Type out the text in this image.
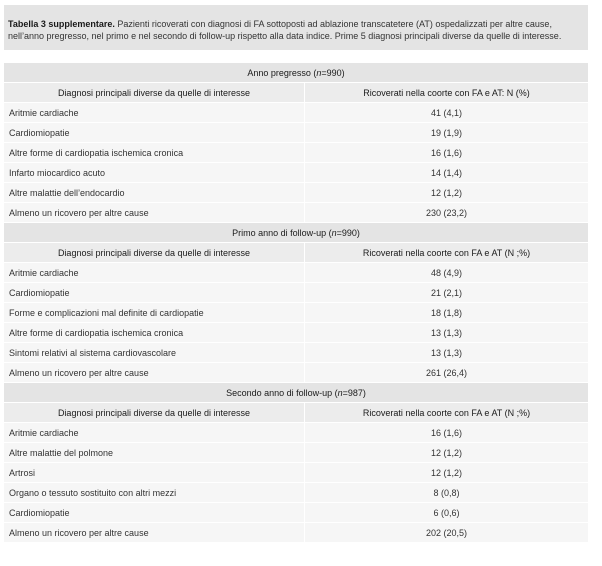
Tabella 3 supplementare. Pazienti ricoverati con diagnosi di FA sottoposti ad ablazione transcatetere (AT) ospedalizzati per altre cause, nell’anno pregresso, nel primo e nel secondo di follow-up rispetto alla data indice. Prime 5 diagnosi principali diverse da quelle di interesse.
Anno pregresso (n=990)
Diagnosi principali diverse da quelle di interesse	Ricoverati nella coorte con FA e AT: N (%)
Aritmie cardiache	41 (4,1)
Cardiomiopatie	19 (1,9)
Altre forme di cardiopatia ischemica cronica	16 (1,6)
Infarto miocardico acuto	14 (1,4)
Altre malattie dell’endocardio	12 (1,2)
Almeno un ricovero per altre cause	230 (23,2)
Primo anno di follow-up (n=990)
Diagnosi principali diverse da quelle di interesse	Ricoverati nella coorte con FA e AT (N ;%)
Aritmie cardiache	48 (4,9)
Cardiomiopatie	21 (2,1)
Forme e complicazioni mal definite di cardiopatie	18 (1,8)
Altre forme di cardiopatia ischemica cronica	13 (1,3)
Sintomi relativi al sistema cardiovascolare	13 (1,3)
Almeno un ricovero per altre cause	261 (26,4)
Secondo anno di follow-up (n=987)
Diagnosi principali diverse da quelle di interesse	Ricoverati nella coorte con FA e AT (N ;%)
Aritmie cardiache	16 (1,6)
Altre malattie del polmone	12 (1,2)
Artrosi	12 (1,2)
Organo o tessuto sostituito con altri mezzi	8 (0,8)
Cardiomiopatie	6 (0,6)
Almeno un ricovero per altre cause	202 (20,5)
